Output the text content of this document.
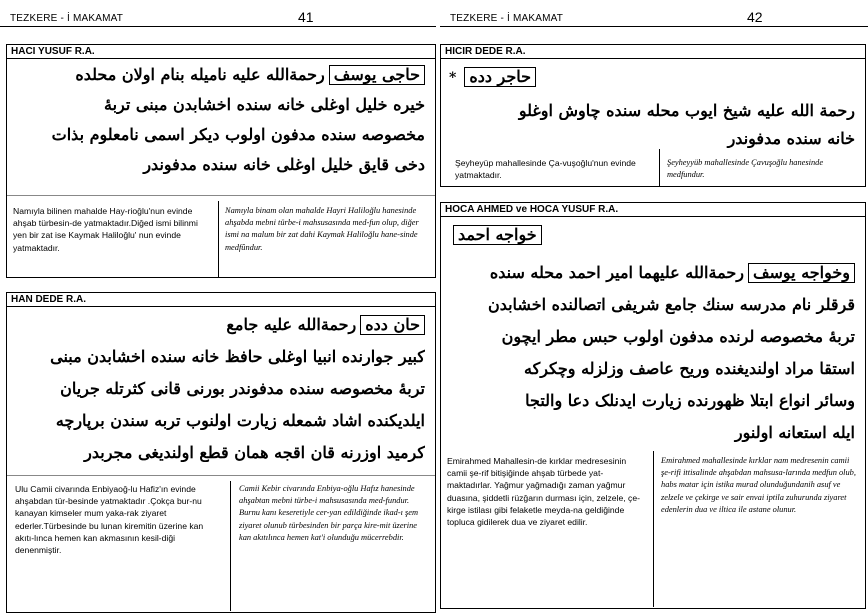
TEZKERE - İ MAKAMAT	41
HACI YUSUF R.A.
حاجی یوسفرحمةالله علیه نامیله بنام اولان محلده
خیره خلیل اوغلی خانه سنده اخشابدن مبنی تربۀ
مخصوصه سنده مدفون اولوب دیکر اسمی نامعلوم بذات
دخی قایق خلیل اوغلی خانه سنده مدفوندر
Namıyla bilinen mahalde Hay-rioğlu'nun evinde ahşab türbesin-de yatmaktadır.Diğed ismi bilinmi yen bir zat ise Kaymak Haliloğlu' nun evinde yatmaktadır.
Namıyla binam olan mahalde Hayri Haliloğlu hanesinde ahşabda mebni türbe-i mahsusasında med-fun olup, diğer ismi na malum bir zat dahi Kaymak Haliloğlu hane-sinde medfûndur.
HAN DEDE R.A.
حان ددهرحمةالله علیه جامع
کبیر جوارنده انبیا اوغلی حافظ خانه سنده اخشابدن مبنی
تربۀ مخصوصه سنده مدفوندر بورنی قانی کثرتله جریان
ایلدیکنده اشاد شمعله زیارت اولنوب تربه سندن برپارچه
کرمید اوزرنه قان اقجه همان قطع اولندیغی مجربدر
Ulu Camii civarında Enbiyaoğ-lu Hafiz'ın evinde ahşabdan tür-besinde yatmaktadır .Çokça bur-nu kanayan kimseler mum yaka-rak ziyaret ederler.Türbesinde bu lunan kiremitin üzerine kan akıtı-lınca hemen kan akmasının kesil-diği denenmiştir.
Camii Kebir civarında Enbiya-oğlu Hafız hanesinde ahşabtan mebni türbe-i mahsusasında med-fundur. Burnu kanı keseretiyle cer-yan edildiğinde ikad-ı şem ziyaret olunub türbesinden bir parça kire-mit üzerine kan akıtılınca hemen kat'i olunduğu mücerrebdir.
TEZKERE - İ MAKAMAT	42
HICIR DEDE R.A.
* حاجر دده
رحمة الله علیه شیخ ایوب محله سنده چاوش اوغلو
خانه سنده مدفوندر
Şeyheyüp mahallesinde Ça-vuşoğlu'nun evinde yatmaktadır.
Şeyheyyüb mahallesinde Çavuşoğlu hanesinde medfundur.
HOCA AHMED ve HOCA YUSUF R.A.
خواجه احمد
وخواجه یوسفرحمةالله علیهما امیر احمد محله سنده
قرقلر نام مدرسه سنك جامع شریفی اتصالنده اخشابدن
تربۀ مخصوصه لرنده مدفون اولوب حبس مطر ایچون
استقا مراد اولندیغنده وریح عاصف وزلزله وچکرکه
وسائر انواع ابتلا ظهورنده زیارت ایدنلک دعا والتجا
ایله استعانه اولنور
Emirahmed Mahallesin-de kırklar medresesinin camii şe-rif bitişiğinde ahşab türbede yat-maktadırlar. Yağmur yağmadığı zaman yağmur duasına, şiddetli rüzğarın durması için, zelzele, çe-kirge istilası gibi felaketle meyda-na geldiğinde topluca gidilerek dua ve ziyaret edilir.
Emirahmed mahallesinde kırklar nam medresenin camii şe-rifi ittisalinde ahşabdan mahsusa-larında medfun olub, habs matar için istika murad olunduğundanih asuf ve zelzele ve çekirge ve sair envai iptila zuhurunda ziyaret edenlerin dua ve iltica ile astane olunur.
